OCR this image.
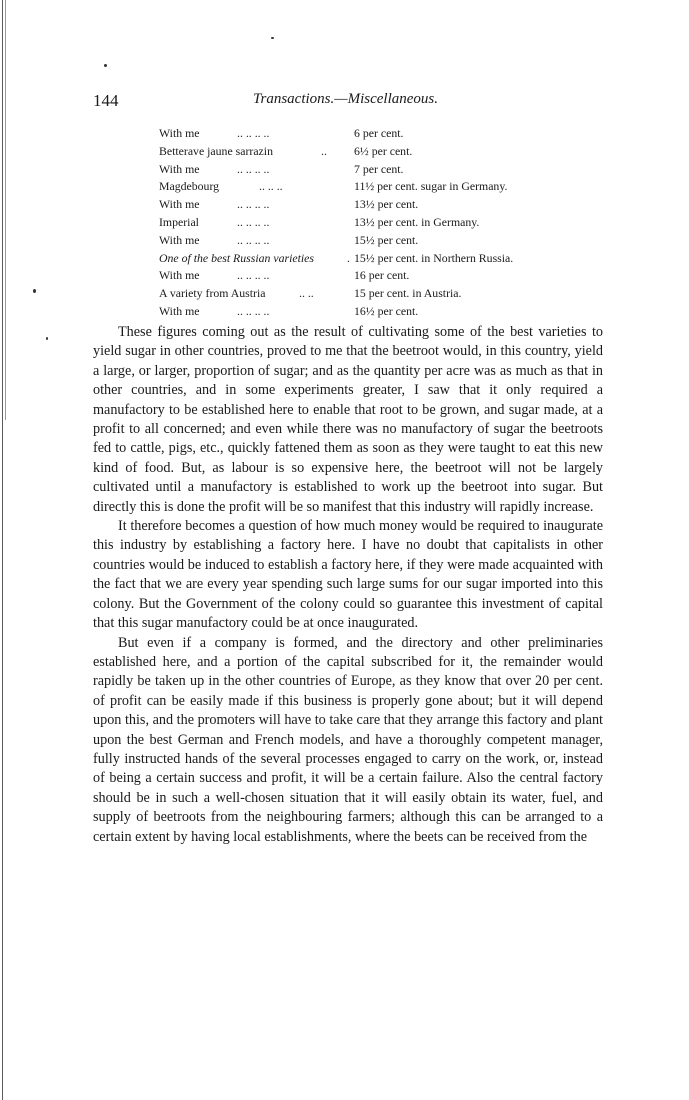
144	Transactions.—Miscellaneous.
With me	.. .. .. ..	6 per cent.
Betterave jaune sarrazin	..	6½ per cent.
With me	.. .. .. ..	7 per cent.
Magdebourg	.. .. ..	11½ per cent. sugar in Germany.
With me	.. .. .. ..	13½ per cent.
Imperial	.. .. .. ..	13½ per cent. in Germany.
With me	.. .. .. ..	15½ per cent.
One of the best Russian varieties	. 15½ per cent. in Northern Russia.
With me	.. .. .. ..	16 per cent.
A variety from Austria	.. ..	15 per cent. in Austria.
With me	.. .. .. ..	16½ per cent.

These figures coming out as the result of cultivating some of the best varieties to yield sugar in other countries, proved to me that the beetroot would, in this country, yield a large, or larger, proportion of sugar; and as the quantity per acre was as much as that in other countries, and in some experiments greater, I saw that it only required a manufactory to be established here to enable that root to be grown, and sugar made, at a profit to all concerned; and even while there was no manufactory of sugar the beetroots fed to cattle, pigs, etc., quickly fattened them as soon as they were taught to eat this new kind of food. But, as labour is so expensive here, the beetroot will not be largely cultivated until a manufactory is established to work up the beetroot into sugar. But directly this is done the profit will be so manifest that this industry will rapidly increase.

It therefore becomes a question of how much money would be required to inaugurate this industry by establishing a factory here. I have no doubt that capitalists in other countries would be induced to establish a factory here, if they were made acquainted with the fact that we are every year spending such large sums for our sugar imported into this colony. But the Government of the colony could so guarantee this investment of capital that this sugar manufactory could be at once inaugurated.

But even if a company is formed, and the directory and other preliminaries established here, and a portion of the capital subscribed for it, the remainder would rapidly be taken up in the other countries of Europe, as they know that over 20 per cent. of profit can be easily made if this business is properly gone about; but it will depend upon this, and the promoters will have to take care that they arrange this factory and plant upon the best German and French models, and have a thoroughly competent manager, fully instructed hands of the several processes engaged to carry on the work, or, instead of being a certain success and profit, it will be a certain failure. Also the central factory should be in such a well-chosen situation that it will easily obtain its water, fuel, and supply of beetroots from the neighbouring farmers; although this can be arranged to a certain extent by having local establishments, where the beets can be received from the
